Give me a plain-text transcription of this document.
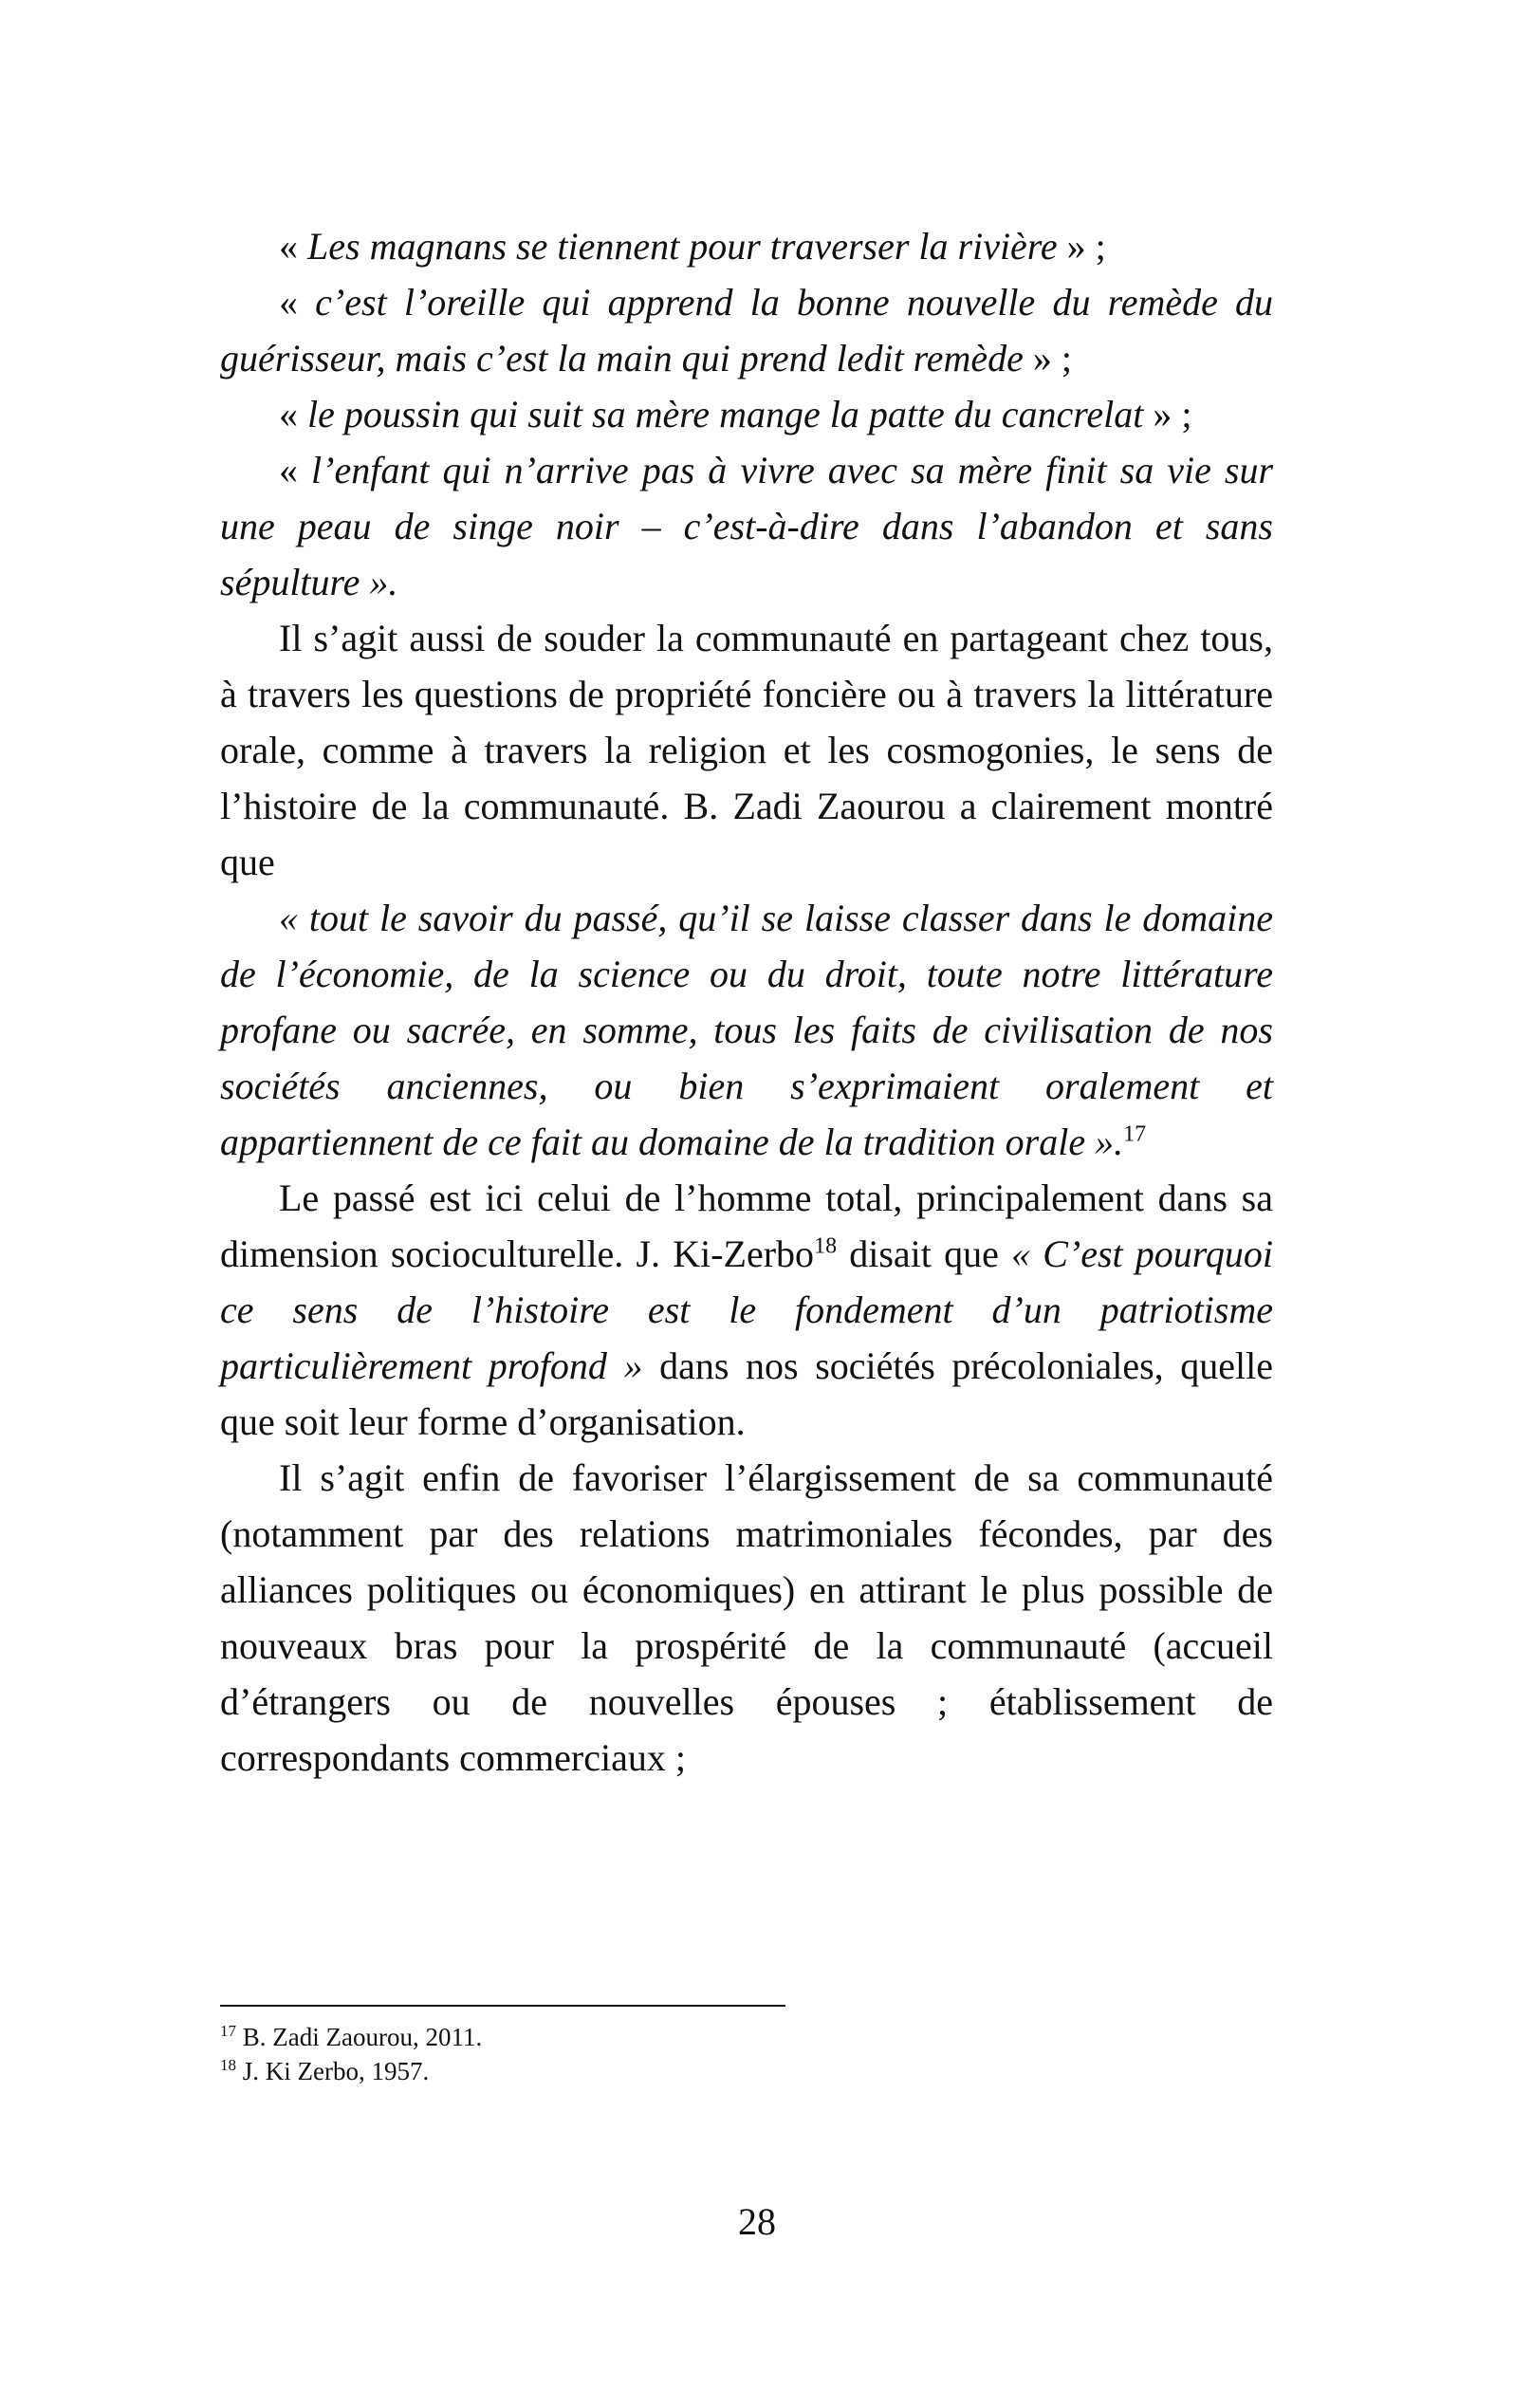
« Les magnans se tiennent pour traverser la rivière » ;

« c’est l’oreille qui apprend la bonne nouvelle du remède du guérisseur, mais c’est la main qui prend ledit remède » ;

« le poussin qui suit sa mère mange la patte du cancrelat » ;

« l’enfant qui n’arrive pas à vivre avec sa mère finit sa vie sur une peau de singe noir – c’est-à-dire dans l’abandon et sans sépulture ».

Il s’agit aussi de souder la communauté en partageant chez tous, à travers les questions de propriété foncière ou à travers la littérature orale, comme à travers la religion et les cosmogonies, le sens de l’histoire de la communauté. B. Zadi Zaourou a clairement montré que

« tout le savoir du passé, qu’il se laisse classer dans le domaine de l’économie, de la science ou du droit, toute notre littérature profane ou sacrée, en somme, tous les faits de civilisation de nos sociétés anciennes, ou bien s’exprimaient oralement et appartiennent de ce fait au domaine de la tradition orale ».$^{17}$

Le passé est ici celui de l’homme total, principalement dans sa dimension socioculturelle. J. Ki-Zerbo$^{18}$ disait que « C’est pourquoi ce sens de l’histoire est le fondement d’un patriotisme particulièrement profond » dans nos sociétés précoloniales, quelle que soit leur forme d’organisation.

Il s’agit enfin de favoriser l’élargissement de sa communauté (notamment par des relations matrimoniales fécondes, par des alliances politiques ou économiques) en attirant le plus possible de nouveaux bras pour la prospérité de la communauté (accueil d’étrangers ou de nouvelles épouses ; établissement de correspondants commerciaux ;

$^{17}$ B. Zadi Zaourou, 2011.

$^{18}$ J. Ki Zerbo, 1957.

28
